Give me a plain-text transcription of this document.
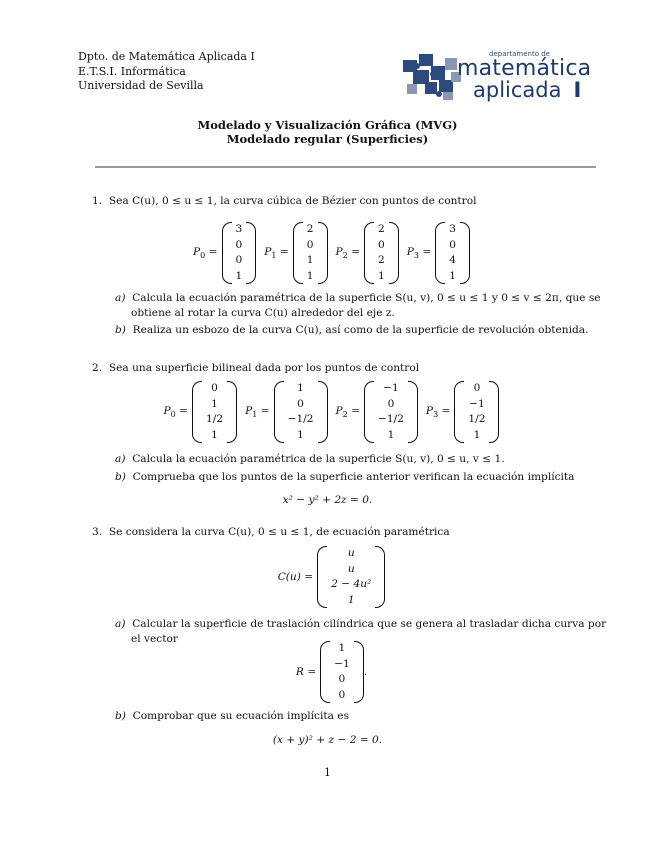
Dpto. de Matemática Aplicada I
E.T.S.I. Informática
Universidad de Sevilla
departamento de
matemática
aplicada I
Modelado y Visualización Gráfica (MVG)
Modelado regular (Superficies)
1. Sea C(u), 0 ≤ u ≤ 1, la curva cúbica de Bézier con puntos de control
$P_0$ =
3
0
0
1
$P_1$ =
2
0
1
1
$P_2$ =
2
0
2
1
$P_3$ =
3
0
4
1
a) Calcula la ecuación paramétrica de la superficie S(u, v), 0 ≤ u ≤ 1 y 0 ≤ v ≤ 2π, que se
obtiene al rotar la curva C(u) alrededor del eje z.
b) Realiza un esbozo de la curva C(u), así como de la superficie de revolución obtenida.
2. Sea una superficie bilineal dada por los puntos de control
$P_0$ =
0
1
1/2
1
$P_1$ =
1
0
−1/2
1
$P_2$ =
−1
0
−1/2
1
$P_3$ =
0
−1
1/2
1
a) Calcula la ecuación paramétrica de la superficie S(u, v), 0 ≤ u, v ≤ 1.
b) Comprueba que los puntos de la superficie anterior verifican la ecuación implícita
x² − y² + 2z = 0.
3. Se considera la curva C(u), 0 ≤ u ≤ 1, de ecuación paramétrica
C(u) =
u
u
2 − 4u²
1
a) Calcular la superficie de traslación cilíndrica que se genera al trasladar dicha curva por
el vector
R =
1
−1
0
0
.
b) Comprobar que su ecuación implícita es
(x + y)² + z − 2 = 0.
1
